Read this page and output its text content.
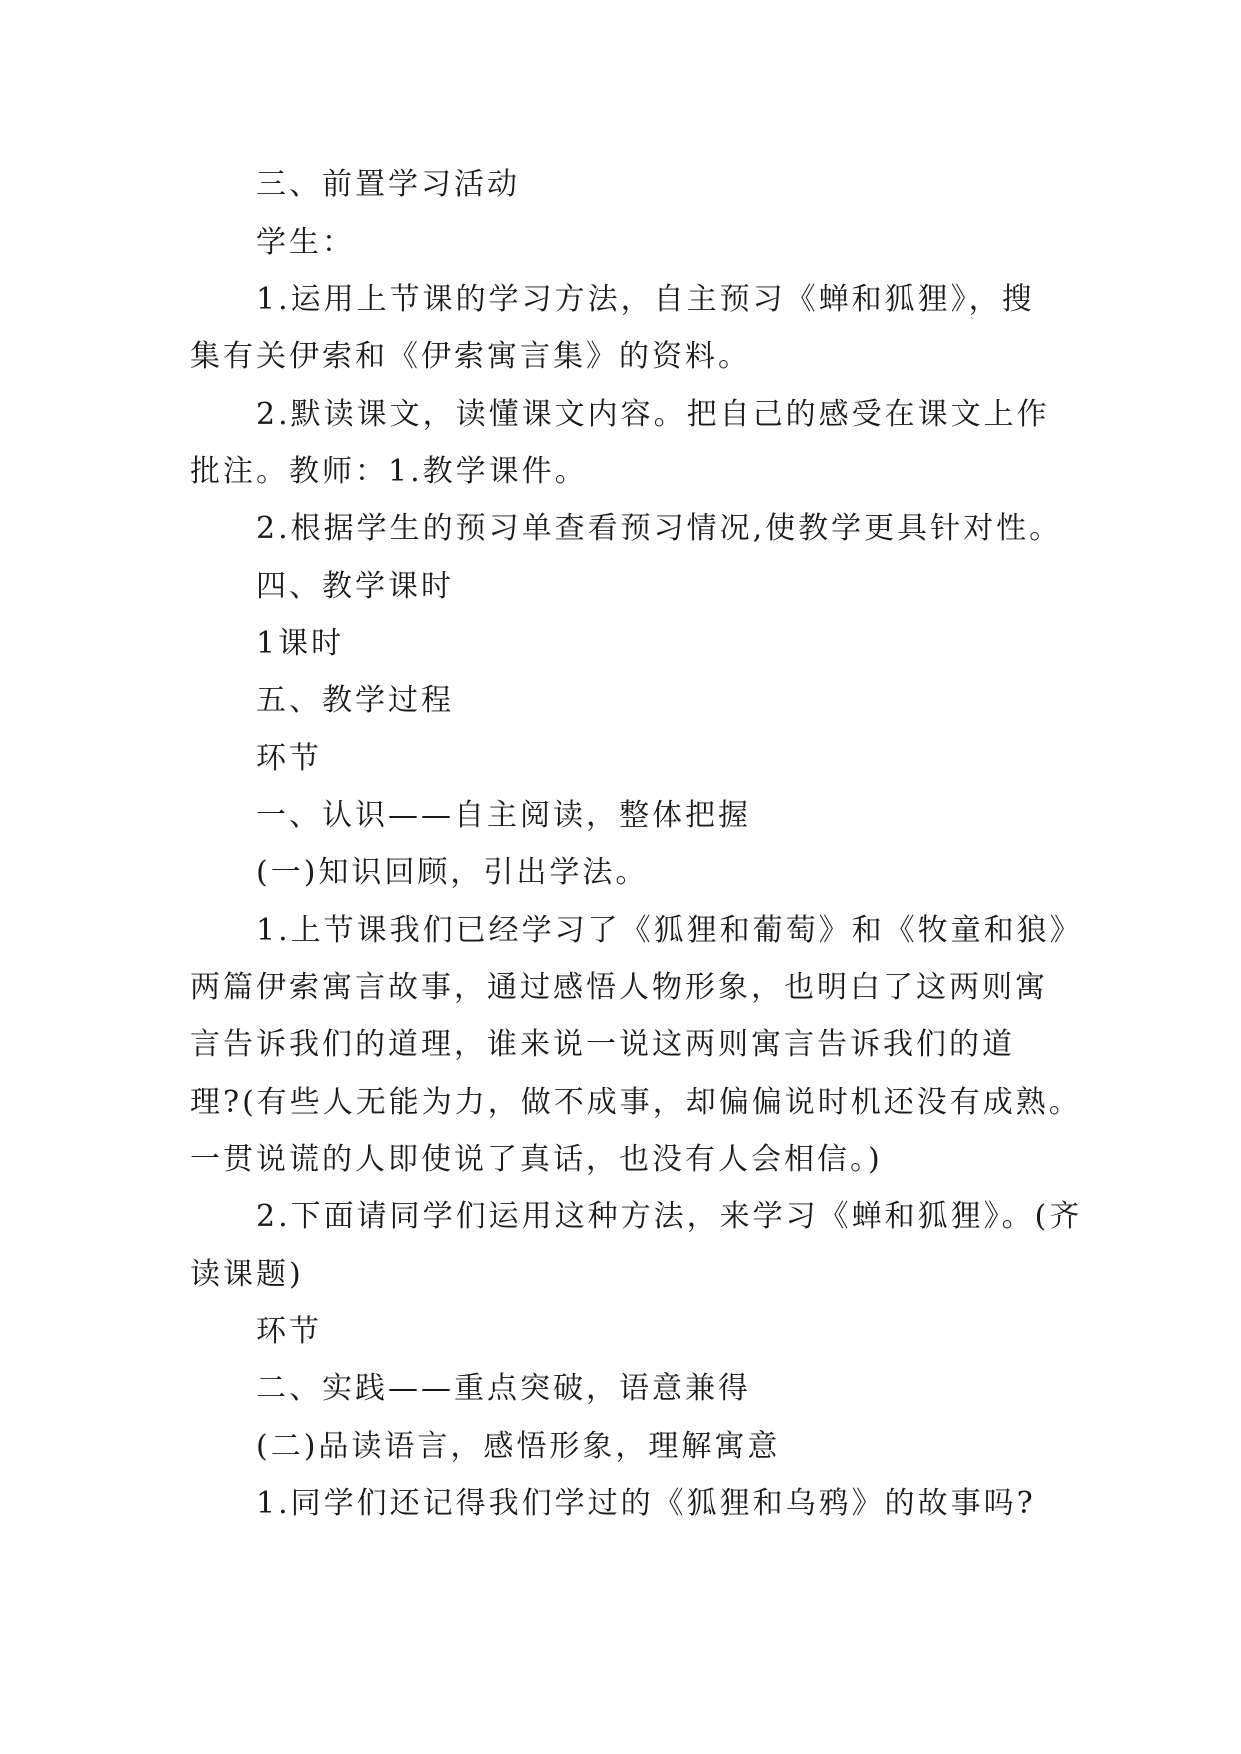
三、前置学习活动
学生：
1.运用上节课的学习方法，自主预习《蝉和狐狸》，搜
集有关伊索和《伊索寓言集》的资料。
2.默读课文，读懂课文内容。把自己的感受在课文上作
批注。教师：1.教学课件。
2.根据学生的预习单查看预习情况,使教学更具针对性。
四、教学课时
1课时
五、教学过程
环节
一、认识——自主阅读，整体把握
(一)知识回顾，引出学法。
1.上节课我们已经学习了《狐狸和葡萄》和《牧童和狼》
两篇伊索寓言故事，通过感悟人物形象，也明白了这两则寓
言告诉我们的道理，谁来说一说这两则寓言告诉我们的道
理?(有些人无能为力，做不成事，却偏偏说时机还没有成熟。
一贯说谎的人即使说了真话，也没有人会相信。)
2.下面请同学们运用这种方法，来学习《蝉和狐狸》。(齐
读课题)
环节
二、实践——重点突破，语意兼得
(二)品读语言，感悟形象，理解寓意
1.同学们还记得我们学过的《狐狸和乌鸦》的故事吗?
